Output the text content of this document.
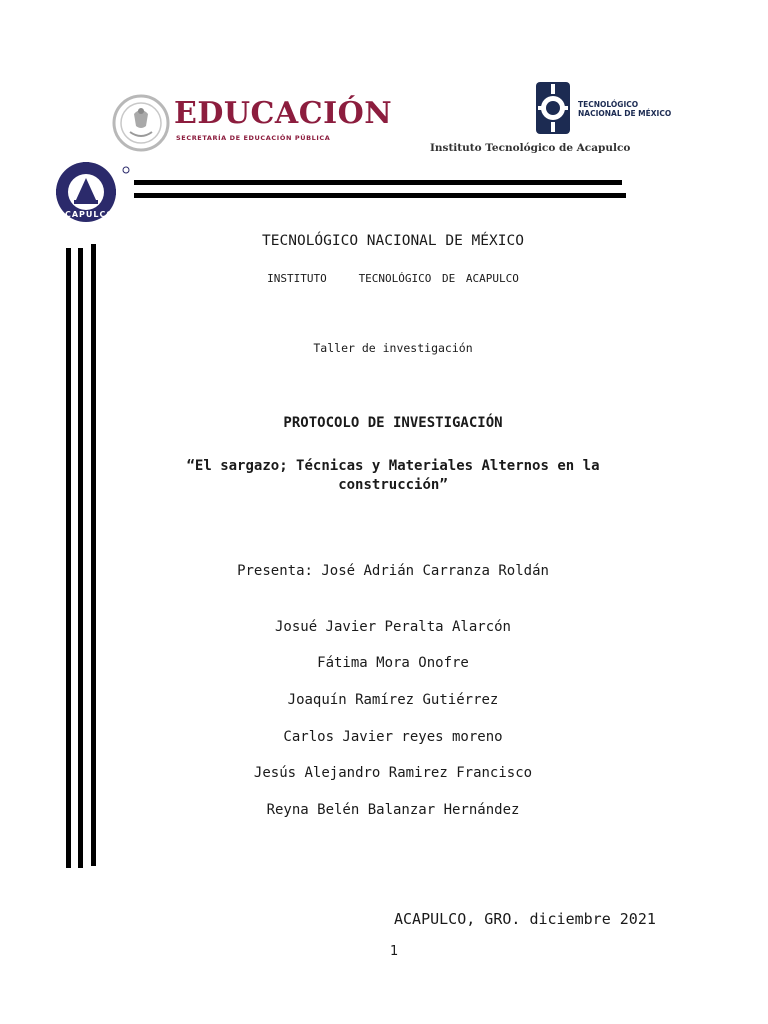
EDUCACIÓN
SECRETARÍA DE EDUCACIÓN PÚBLICA
TECNOLÓGICO
NACIONAL DE MÉXICO
Instituto Tecnológico de Acapulco
ACAPULCO
TECNOLÓGICO NACIONAL DE MÉXICO
INSTITUTO   TECNOLÓGICO DE ACAPULCO
Taller de investigación
PROTOCOLO DE INVESTIGACIÓN
“El sargazo; Técnicas y Materiales Alternos en la construcción”
Presenta: José Adrián Carranza Roldán
Josué Javier Peralta Alarcón
Fátima Mora Onofre
Joaquín Ramírez Gutiérrez
Carlos Javier reyes moreno
Jesús Alejandro Ramirez Francisco
Reyna Belén Balanzar Hernández
ACAPULCO, GRO. diciembre 2021
1
